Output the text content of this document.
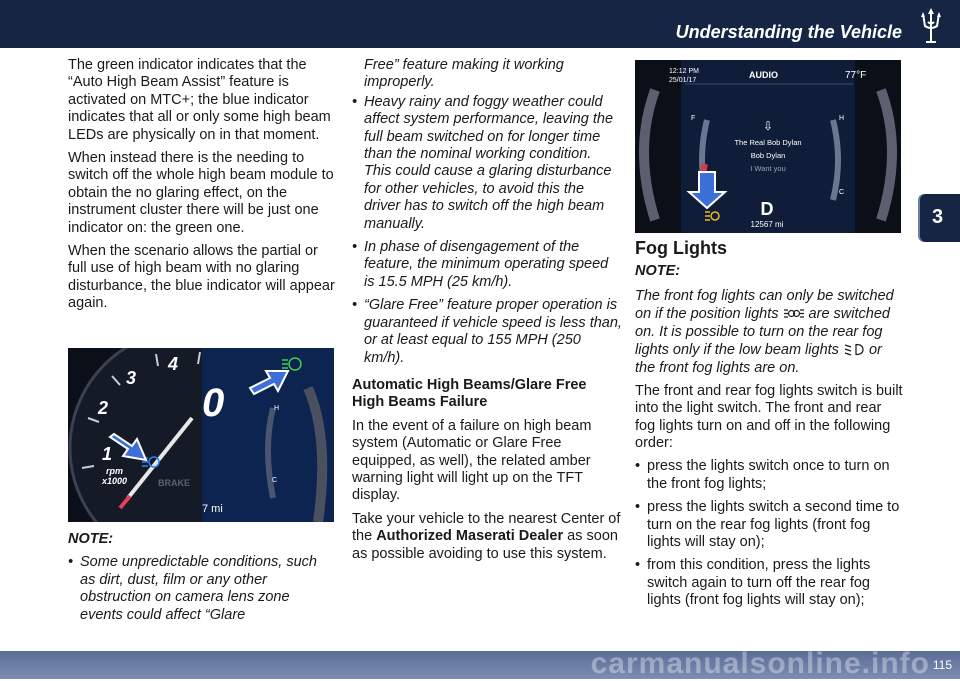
Understanding the Vehicle
3

The green indicator indicates that the “Auto High Beam Assist” feature is activated on MTC+; the blue indicator indicates that all or only some high beam LEDs are physically on in that moment.

When instead there is the needing to switch off the whole high beam module to obtain the no glaring effect, on the instrument cluster there will be just one indicator on: the green one.

When the scenario allows the partial or full use of high beam with no glaring disturbance, the blue indicator will appear again.

4
3
2
1
rpm
x1000	BRAKE
0
7 mi
H
C

NOTE:

• Some unpredictable conditions, such as dirt, dust, film or any other obstruction on camera lens zone events could affect “Glare

Free” feature making it working improperly.

• Heavy rainy and foggy weather could affect system performance, leaving the full beam switched on for longer time than the nominal working condition. This could cause a glaring disturbance for other vehicles, to avoid this the driver has to switch off the high beam manually.

• In phase of disengagement of the feature, the minimum operating speed is 15.5 MPH (25 km/h).

• “Glare Free” feature proper operation is guaranteed if vehicle speed is less than, or at least equal to 155 MPH (250 km/h).

Automatic High Beams/Glare Free High Beams Failure

In the event of a failure on high beam system (Automatic or Glare Free equipped, as well), the related amber warning light will light up on the TFT display.

Take your vehicle to the nearest Center of the Authorized Maserati Dealer as soon as possible avoiding to use this system.

12:12 PM
25/01/17
AUDIO	77°F
F	H
C
⇩
The Real Bob Dylan
Bob Dylan
I Want you
D
12567 mi

Fog Lights

NOTE:

The front fog lights can only be switched on if the position lights are switched on. It is possible to turn on the rear fog lights only if the low beam lights or the front fog lights are on.

The front and rear fog lights switch is built into the light switch. The front and rear fog lights turn on and off in the following order:

• press the lights switch once to turn on the front fog lights;

• press the lights switch a second time to turn on the rear fog lights (front fog lights will stay on);

• from this condition, press the lights switch again to turn off the rear fog lights (front fog lights will stay on);

carmanualsonline.info 115
